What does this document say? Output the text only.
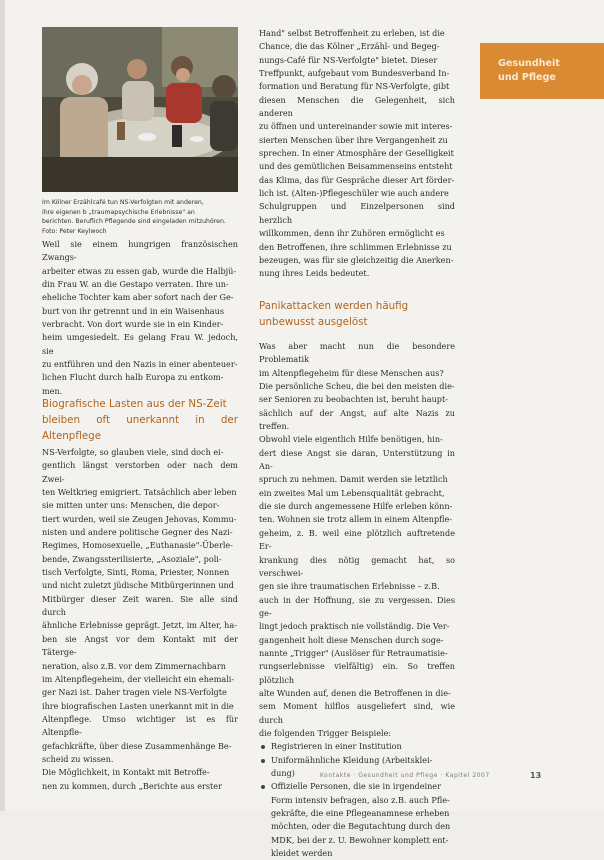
Im Kölner Erzählcafé tun NS-Verfolgten mit anderen,
ihre eigenen b „traumapsychische Erlebnisse" an
berichten. Beruflich Pflegende sind eingeladen mitzuhören.
Foto: Peter Keylwoch
Weil sie einem hungrigen französischen Zwangs-
arbeiter etwas zu essen gab, wurde die Halbjü-
din Frau W. an die Gestapo verraten. Ihre un-
eheliche Tochter kam aber sofort nach der Ge-
burt von ihr getrennt und in ein Waisenhaus
verbracht. Von dort wurde sie in ein Kinder-
heim umgesiedelt. Es gelang Frau W. jedoch, sie
zu entführen und den Nazis in einer abenteuer-
lichen Flucht durch halb Europa zu entkom-
men.
Biografische Lasten aus der NS-Zeit
bleiben oft unerkannt in der Altenpflege
NS-Verfolgte, so glauben viele, sind doch ei-
gentlich längst verstorben oder nach dem Zwei-
ten Weltkrieg emigriert. Tatsächlich aber leben
sie mitten unter uns: Menschen, die depor-
tiert wurden, weil sie Zeugen Jehovas, Kommu-
nisten und andere politische Gegner des Nazi-
Regimes, Homosexuelle, „Euthanasie"-Überle-
bende, Zwangssterilisierte, „Asoziale", poli-
tisch Verfolgte, Sinti, Roma, Priester, Nonnen
und nicht zuletzt jüdische Mitbürgerinnen und
Mitbürger dieser Zeit waren. Sie alle sind durch
ähnliche Erlebnisse geprägt. Jetzt, im Alter, ha-
ben sie Angst vor dem Kontakt mit der Täterge-
neration, also z.B. vor dem Zimmernachbarn
im Altenpflegeheim, der vielleicht ein ehemali-
ger Nazi ist. Daher tragen viele NS-Verfolgte
ihre biografischen Lasten unerkannt mit in die
Altenpflege. Umso wichtiger ist es für Altenpfle-
gefachkräfte, über diese Zusammenhänge Be-
scheid zu wissen.
Die Möglichkeit, in Kontakt mit Betroffe-
nen zu kommen, durch „Berichte aus erster
Hand" selbst Betroffenheit zu erleben, ist die
Chance, die das Kölner „Erzähl- und Begeg-
nungs-Café für NS-Verfolgte" bietet. Dieser
Treffpunkt, aufgebaut vom Bundesverband In-
formation und Beratung für NS-Verfolgte, gibt
diesen Menschen die Gelegenheit, sich anderen
zu öffnen und untereinander sowie mit interes-
sierten Menschen über ihre Vergangenheit zu
sprechen. In einer Atmosphäre der Geselligkeit
und des gemütlichen Beisammenseins entsteht
das Klima, das für Gespräche dieser Art förder-
lich ist. (Alten-)Pflegeschüler wie auch andere
Schulgruppen und Einzelpersonen sind herzlich
willkommen, denn ihr Zuhören ermöglicht es
den Betroffenen, ihre schlimmen Erlebnisse zu
bezeugen, was für sie gleichzeitig die Anerken-
nung ihres Leids bedeutet.
Panikattacken werden häufig
unbewusst ausgelöst
Was aber macht nun die besondere Problematik
im Altenpflegeheim für diese Menschen aus?
Die persönliche Scheu, die bei den meisten die-
ser Senioren zu beobachten ist, beruht haupt-
sächlich auf der Angst, auf alte Nazis zu treffen.
Obwohl viele eigentlich Hilfe benötigen, hin-
dert diese Angst sie daran, Unterstützung in An-
spruch zu nehmen. Damit werden sie letztlich
ein zweites Mal um Lebensqualität gebracht,
die sie durch angemessene Hilfe erleben könn-
ten. Wohnen sie trotz allem in einem Altenpfle-
geheim, z. B. weil eine plötzlich auftretende Er-
krankung dies nötig gemacht hat, so verschwei-
gen sie ihre traumatischen Erlebnisse – z.B.
auch in der Hoffnung, sie zu vergessen. Dies ge-
lingt jedoch praktisch nie vollständig. Die Ver-
gangenheit holt diese Menschen durch soge-
nannte „Trigger" (Auslöser für Retraumatisie-
rungserlebnisse vielfältig) ein. So treffen plötzlich
alte Wunden auf, denen die Betroffenen in die-
sem Moment hilflos ausgeliefert sind, wie durch
die folgenden Trigger Beispiele:
Registrieren in einer Institution
Uniformähnliche Kleidung (Arbeitsklei-
dung)
Offizielle Personen, die sie in irgendeiner
Form intensiv befragen, also z.B. auch Pfle-
gekräfte, die eine Pflegeanamnese erheben
möchten, oder die Begutachtung durch den
MDK, bei der z. U. Bewohner komplett ent-
kleidet werden
Gesundheit
und Pflege
Kontakte · Gesundheit und Pflege · Kapitel 2007	13
